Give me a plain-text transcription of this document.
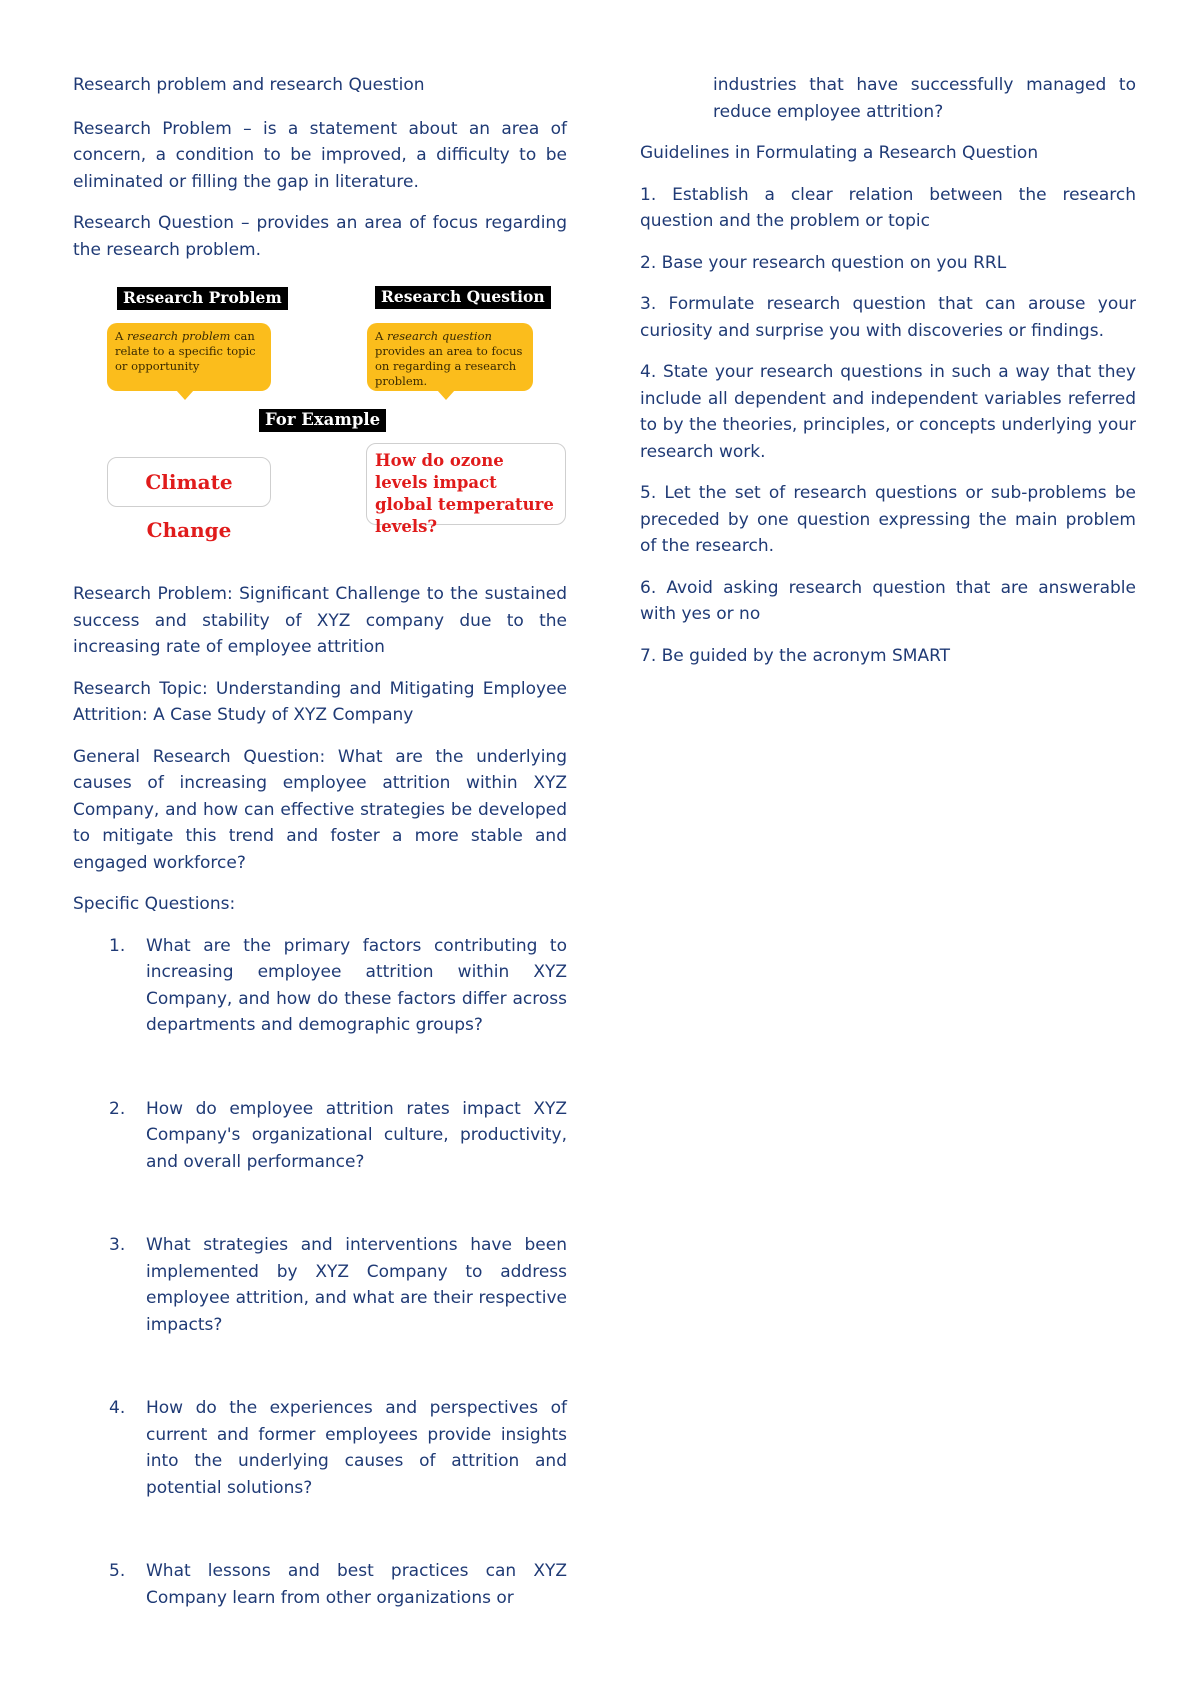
Research problem and research Question

Research Problem – is a statement about an area of concern, a condition to be improved, a difficulty to be eliminated or filling the gap in literature.

Research Question – provides an area of focus regarding the research problem.

Research Problem	Research Question
A research problem can relate to a specific topic or opportunity
A research question provides an area to focus on regarding a research problem.
For Example
Climate Change
How do ozone levels impact global temperature levels?

Research Problem: Significant Challenge to the sustained success and stability of XYZ company due to the increasing rate of employee attrition

Research Topic: Understanding and Mitigating Employee Attrition: A Case Study of XYZ Company

General Research Question: What are the underlying causes of increasing employee attrition within XYZ Company, and how can effective strategies be developed to mitigate this trend and foster a more stable and engaged workforce?

Specific Questions:

1. What are the primary factors contributing to increasing employee attrition within XYZ Company, and how do these factors differ across departments and demographic groups?
2. How do employee attrition rates impact XYZ Company's organizational culture, productivity, and overall performance?
3. What strategies and interventions have been implemented by XYZ Company to address employee attrition, and what are their respective impacts?
4. How do the experiences and perspectives of current and former employees provide insights into the underlying causes of attrition and potential solutions?
5. What lessons and best practices can XYZ Company learn from other organizations or

industries that have successfully managed to reduce employee attrition?

Guidelines in Formulating a Research Question

1. Establish a clear relation between the research question and the problem or topic

2. Base your research question on you RRL

3. Formulate research question that can arouse your curiosity and surprise you with discoveries or findings.

4. State your research questions in such a way that they include all dependent and independent variables referred to by the theories, principles, or concepts underlying your research work.

5. Let the set of research questions or sub-problems be preceded by one question expressing the main problem of the research.

6. Avoid asking research question that are answerable with yes or no

7. Be guided by the acronym SMART
